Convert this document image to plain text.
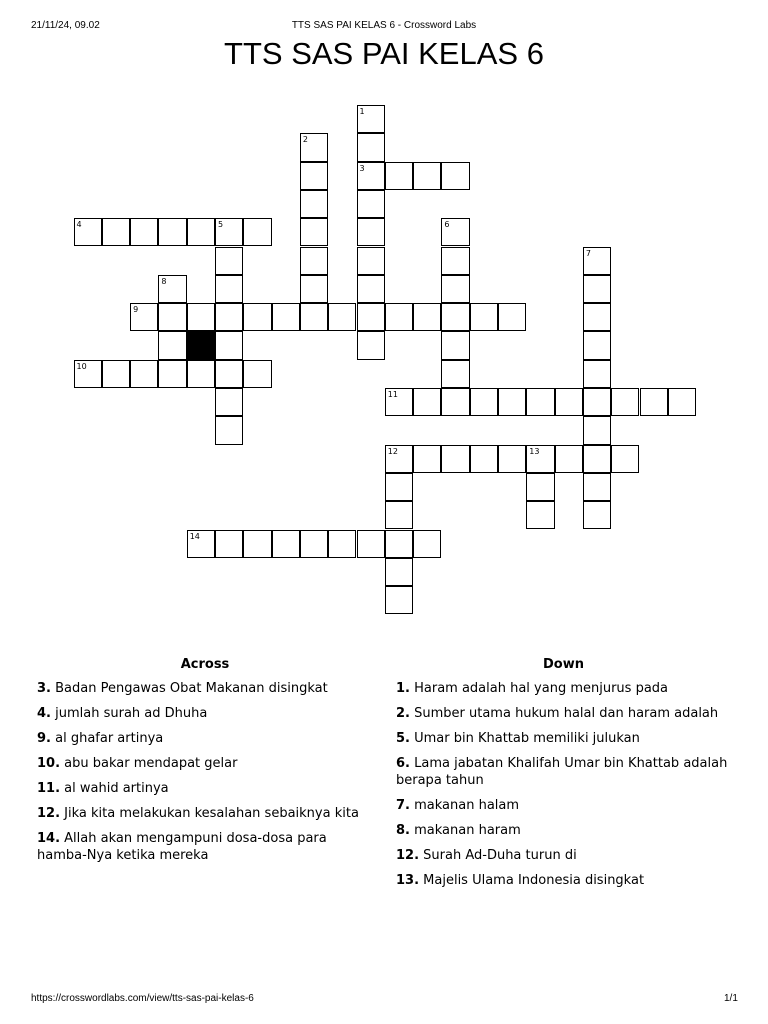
21/11/24, 09.02	TTS SAS PAI KELAS 6 - Crossword Labs
TTS SAS PAI KELAS 6
1
3
2
4	5	6
7
8
9
10
11
12	13
14
Across	Down
3. Badan Pengawas Obat Makanan disingkat
4. jumlah surah ad Dhuha
9. al ghafar artinya
10. abu bakar mendapat gelar
11. al wahid artinya
12. Jika kita melakukan kesalahan sebaiknya kita
14. Allah akan mengampuni dosa-dosa para hamba-Nya ketika mereka
1. Haram adalah hal yang menjurus pada
2. Sumber utama hukum halal dan haram adalah
5. Umar bin Khattab memiliki julukan
6. Lama jabatan Khalifah Umar bin Khattab adalah berapa tahun
7. makanan halam
8. makanan haram
12. Surah Ad-Duha turun di
13. Majelis Ulama Indonesia disingkat
https://crosswordlabs.com/view/tts-sas-pai-kelas-6	1/1
